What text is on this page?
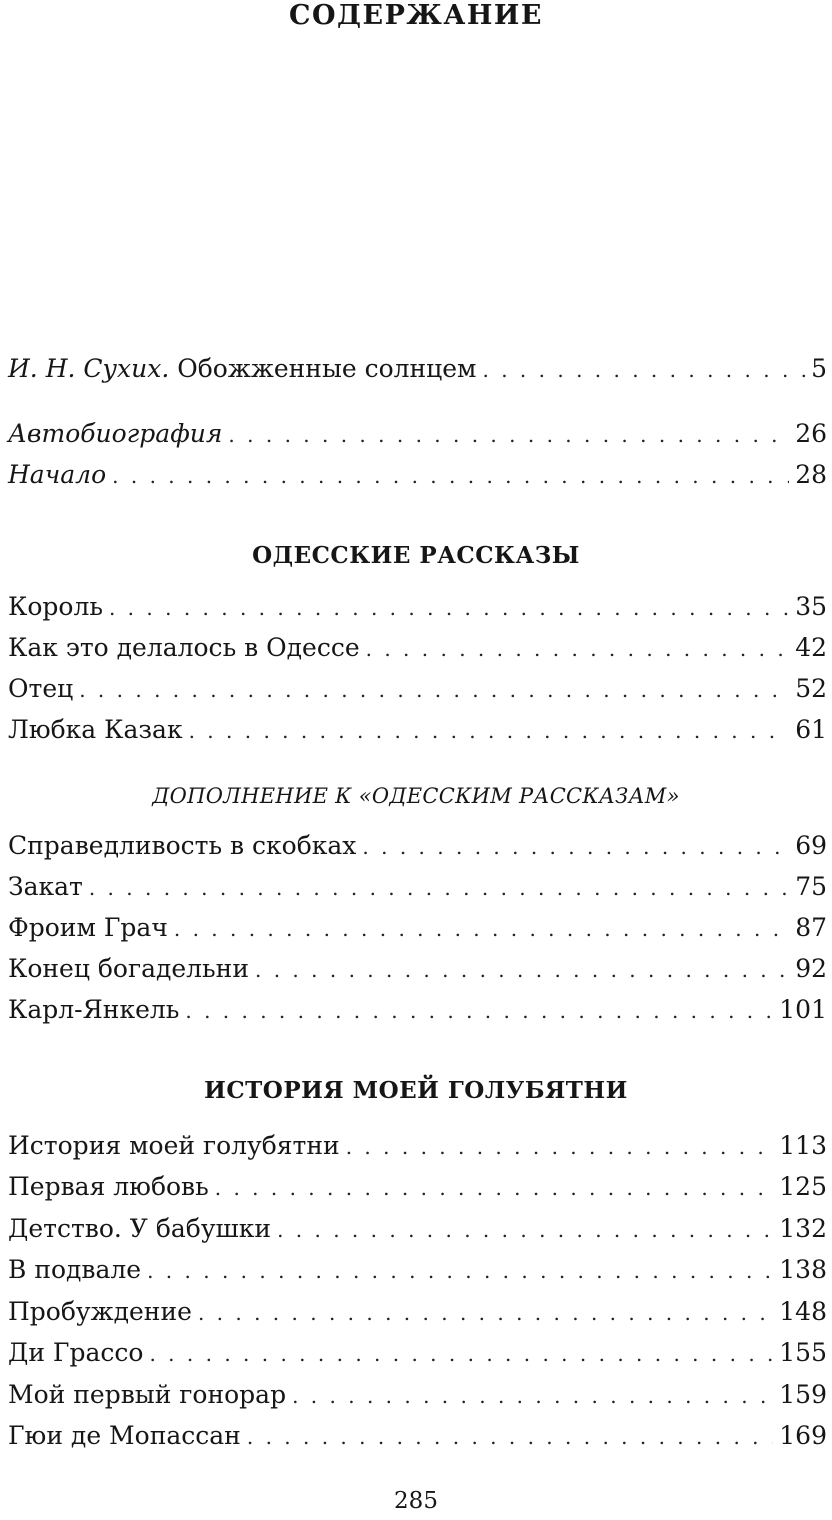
СОДЕРЖАНИЕ
И. Н. Сухих. Обожженные солнцем . . .	5
Автобиография . . .	26
Начало . . .	28
ОДЕССКИЕ РАССКАЗЫ
Король . . .	35
Как это делалось в Одессе . . .	42
Отец . . .	52
Любка Казак . . .	61
ДОПОЛНЕНИЕ К «ОДЕССКИМ РАССКАЗАМ»
Справедливость в скобках . . .	69
Закат . . .	75
Фроим Грач . . .	87
Конец богадельни . . .	92
Карл-Янкель . . .	101
ИСТОРИЯ МОЕЙ ГОЛУБЯТНИ
История моей голубятни . . .	113
Первая любовь . . .	125
Детство. У бабушки . . .	132
В подвале . . .	138
Пробуждение . . .	148
Ди Грассо . . .	155
Мой первый гонорар . . .	159
Гюи де Мопассан . . .	169
285
